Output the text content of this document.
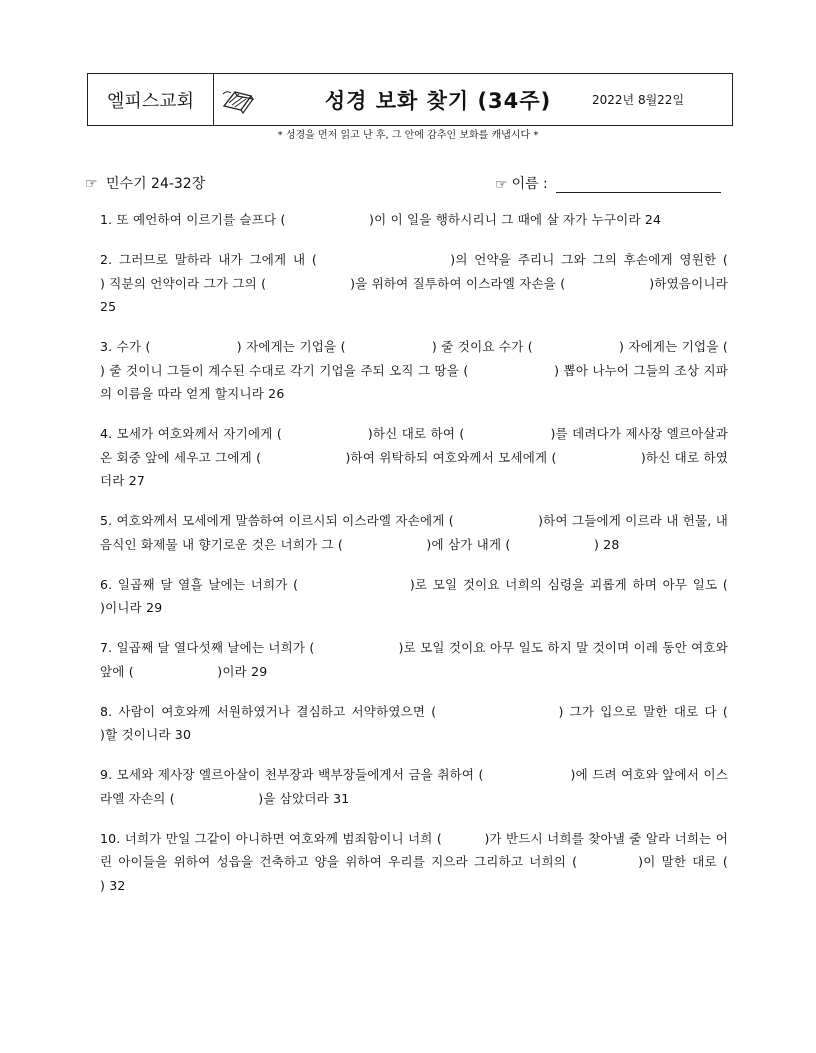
엘피스교회	성경 보화 찾기 (34주)	2022년 8월22일
* 성경을 먼저 읽고 난 후, 그 안에 감추인 보화를 캐냅시다 *
☞ 민수기 24-32장	☞ 이름 :

1. 또 예언하여 이르기를 슬프다 (                    )이 이 일을 행하시리니 그 때에 살 자가 누구이라 24

2. 그러므로 말하라 내가 그에게 내 (                    )의 언약을 주리니 그와 그의 후손에게 영원한 (                    ) 직분의 언약이라 그가 그의 (                    )을 위하여 질투하여 이스라엘 자손을 (                    )하였음이니라 25

3. 수가 (                    ) 자에게는 기업을 (                    ) 줄 것이요 수가 (                    ) 자에게는 기업을 (                    ) 줄 것이니 그들이 계수된 수대로 각기 기업을 주되 오직 그 땅을 (                    ) 뽑아 나누어 그들의 조상 지파의 이름을 따라 얻게 할지니라 26

4. 모세가 여호와께서 자기에게 (                    )하신 대로 하여 (                    )를 데려다가 제사장 엘르아살과 온 회중 앞에 세우고 그에게 (                    )하여 위탁하되 여호와께서 모세에게 (                    )하신 대로 하였더라 27

5. 여호와께서 모세에게 말씀하여 이르시되 이스라엘 자손에게 (                    )하여 그들에게 이르라 내 헌물, 내 음식인 화제물 내 향기로운 것은 너희가 그 (                    )에 삼가 내게 (                    ) 28

6. 일곱째 달 열흘 날에는 너희가 (                    )로 모일 것이요 너희의 심령을 괴롭게 하며 아무 일도 (                    )이니라 29

7. 일곱째 달 열다섯째 날에는 너희가 (                    )로 모일 것이요 아무 일도 하지 말 것이며 이레 동안 여호와 앞에 (                    )이라 29

8. 사람이 여호와께 서원하였거나 결심하고 서약하였으면 (                    ) 그가 입으로 말한 대로 다 (                    )할 것이니라 30

9. 모세와 제사장 엘르아살이 천부장과 백부장들에게서 금을 취하여 (                    )에 드려 여호와 앞에서 이스라엘 자손의 (                    )을 삼았더라 31

10. 너희가 만일 그같이 아니하면 여호와께 범죄함이니 너희 (          )가 반드시 너희를 찾아낼 줄 알라 너희는 어린 아이들을 위하여 성읍을 건축하고 양을 위하여 우리를 지으라 그리하고 너희의 (          )이 말한 대로 (                    ) 32
